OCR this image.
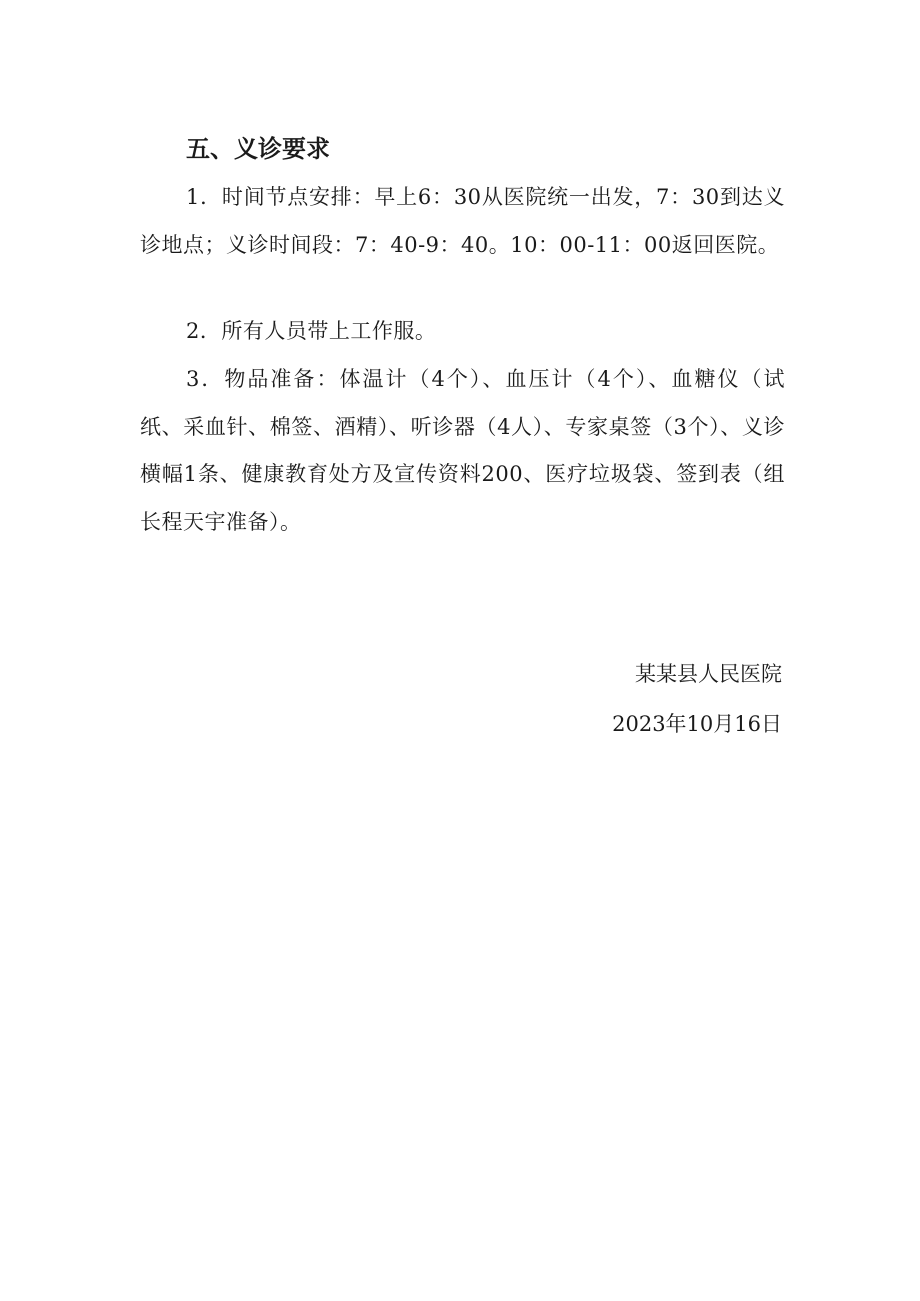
五、义诊要求
1．时间节点安排：早上6：30从医院统一出发，7：30到达义诊地点；义诊时间段：7：40-9：40。10：00-11：00返回医院。
2．所有人员带上工作服。
3．物品准备：体温计（4个）、血压计（4个）、血糖仪（试纸、采血针、棉签、酒精）、听诊器（4人）、专家桌签（3个）、义诊横幅1条、健康教育处方及宣传资料200、医疗垃圾袋、签到表（组长程天宇准备）。
某某县人民医院
2023年10月16日
